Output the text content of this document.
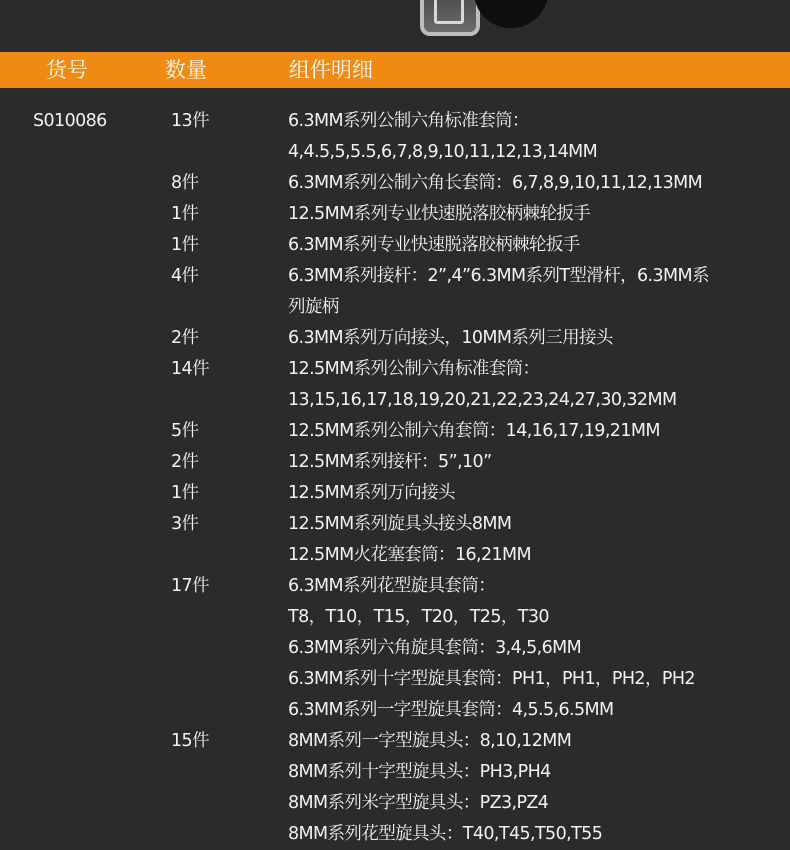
货号	数量	组件明细
S010086	13件	6.3MM系列公制六角标准套筒：
4,4.5,5,5.5,6,7,8,9,10,11,12,13,14MM
8件	6.3MM系列公制六角长套筒：6,7,8,9,10,11,12,13MM
1件	12.5MM系列专业快速脱落胶柄棘轮扳手
1件	6.3MM系列专业快速脱落胶柄棘轮扳手
4件	6.3MM系列接杆：2”,4”6.3MM系列T型滑杆，6.3MM系
列旋柄
2件	6.3MM系列万向接头，10MM系列三用接头
14件	12.5MM系列公制六角标准套筒：
13,15,16,17,18,19,20,21,22,23,24,27,30,32MM
5件	12.5MM系列公制六角套筒：14,16,17,19,21MM
2件	12.5MM系列接杆：5”,10”
1件	12.5MM系列万向接头
3件	12.5MM系列旋具头接头8MM
12.5MM火花塞套筒：16,21MM
17件	6.3MM系列花型旋具套筒：
T8，T10，T15，T20，T25，T30
6.3MM系列六角旋具套筒：3,4,5,6MM
6.3MM系列十字型旋具套筒：PH1，PH1，PH2，PH2
6.3MM系列一字型旋具套筒：4,5.5,6.5MM
15件	8MM系列一字型旋具头：8,10,12MM
8MM系列十字型旋具头：PH3,PH4
8MM系列米字型旋具头：PZ3,PZ4
8MM系列花型旋具头：T40,T45,T50,T55
